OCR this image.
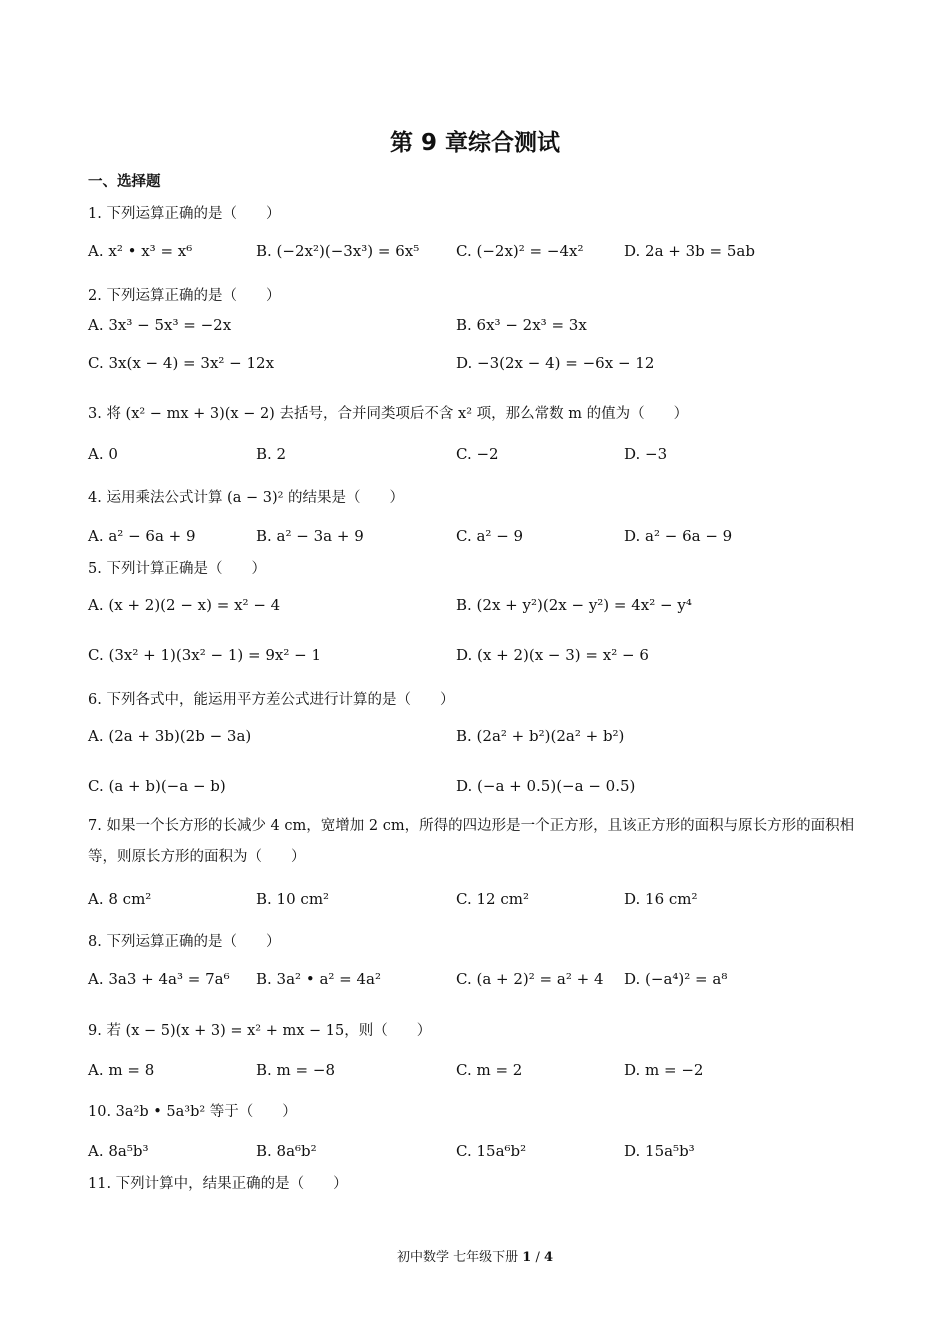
第 9 章综合测试
一、选择题
1. 下列运算正确的是（　　）
A. x² • x³ = x⁶	B. (−2x²)(−3x³) = 6x⁵ C. (−2x)² = −4x²	D. 2a + 3b = 5ab
2. 下列运算正确的是（　　）
A. 3x³ − 5x³ = −2x	B. 6x³ − 2x³ = 3x
C. 3x(x − 4) = 3x² − 12x	D. −3(2x − 4) = −6x − 12
3. 将 (x² − mx + 3)(x − 2) 去括号，合并同类项后不含 x² 项，那么常数 m 的值为（　　）
A. 0	B. 2	C. −2	D. −3
4. 运用乘法公式计算 (a − 3)² 的结果是（　　）
A. a² − 6a + 9	B. a² − 3a + 9	C. a² − 9	D. a² − 6a − 9
5. 下列计算正确是（　　）
A. (x + 2)(2 − x) = x² − 4	B. (2x + y²)(2x − y²) = 4x² − y⁴
C. (3x² + 1)(3x² − 1) = 9x² − 1	D. (x + 2)(x − 3) = x² − 6
6. 下列各式中，能运用平方差公式进行计算的是（　　）
A. (2a + 3b)(2b − 3a)	B. (2a² + b²)(2a² + b²)
C. (a + b)(−a − b)	D. (−a + 0.5)(−a − 0.5)
7. 如果一个长方形的长减少 4 cm，宽增加 2 cm，所得的四边形是一个正方形，且该正方形的面积与原长方形的面积相等，则原长方形的面积为（　　）
A. 8 cm²	B. 10 cm²	C. 12 cm²	D. 16 cm²
8. 下列运算正确的是（　　）
A. 3a3 + 4a³ = 7a⁶ B. 3a² • a² = 4a²	C. (a + 2)² = a² + 4 D. (−a⁴)² = a⁸
9. 若 (x − 5)(x + 3) = x² + mx − 15，则（　　）
A. m = 8	B. m = −8	C. m = 2	D. m = −2
10. 3a²b • 5a³b² 等于（　　）
A. 8a⁵b³	B. 8a⁶b²	C. 15a⁶b²	D. 15a⁵b³
11. 下列计算中，结果正确的是（　　）
初中数学 七年级下册 1 / 4
